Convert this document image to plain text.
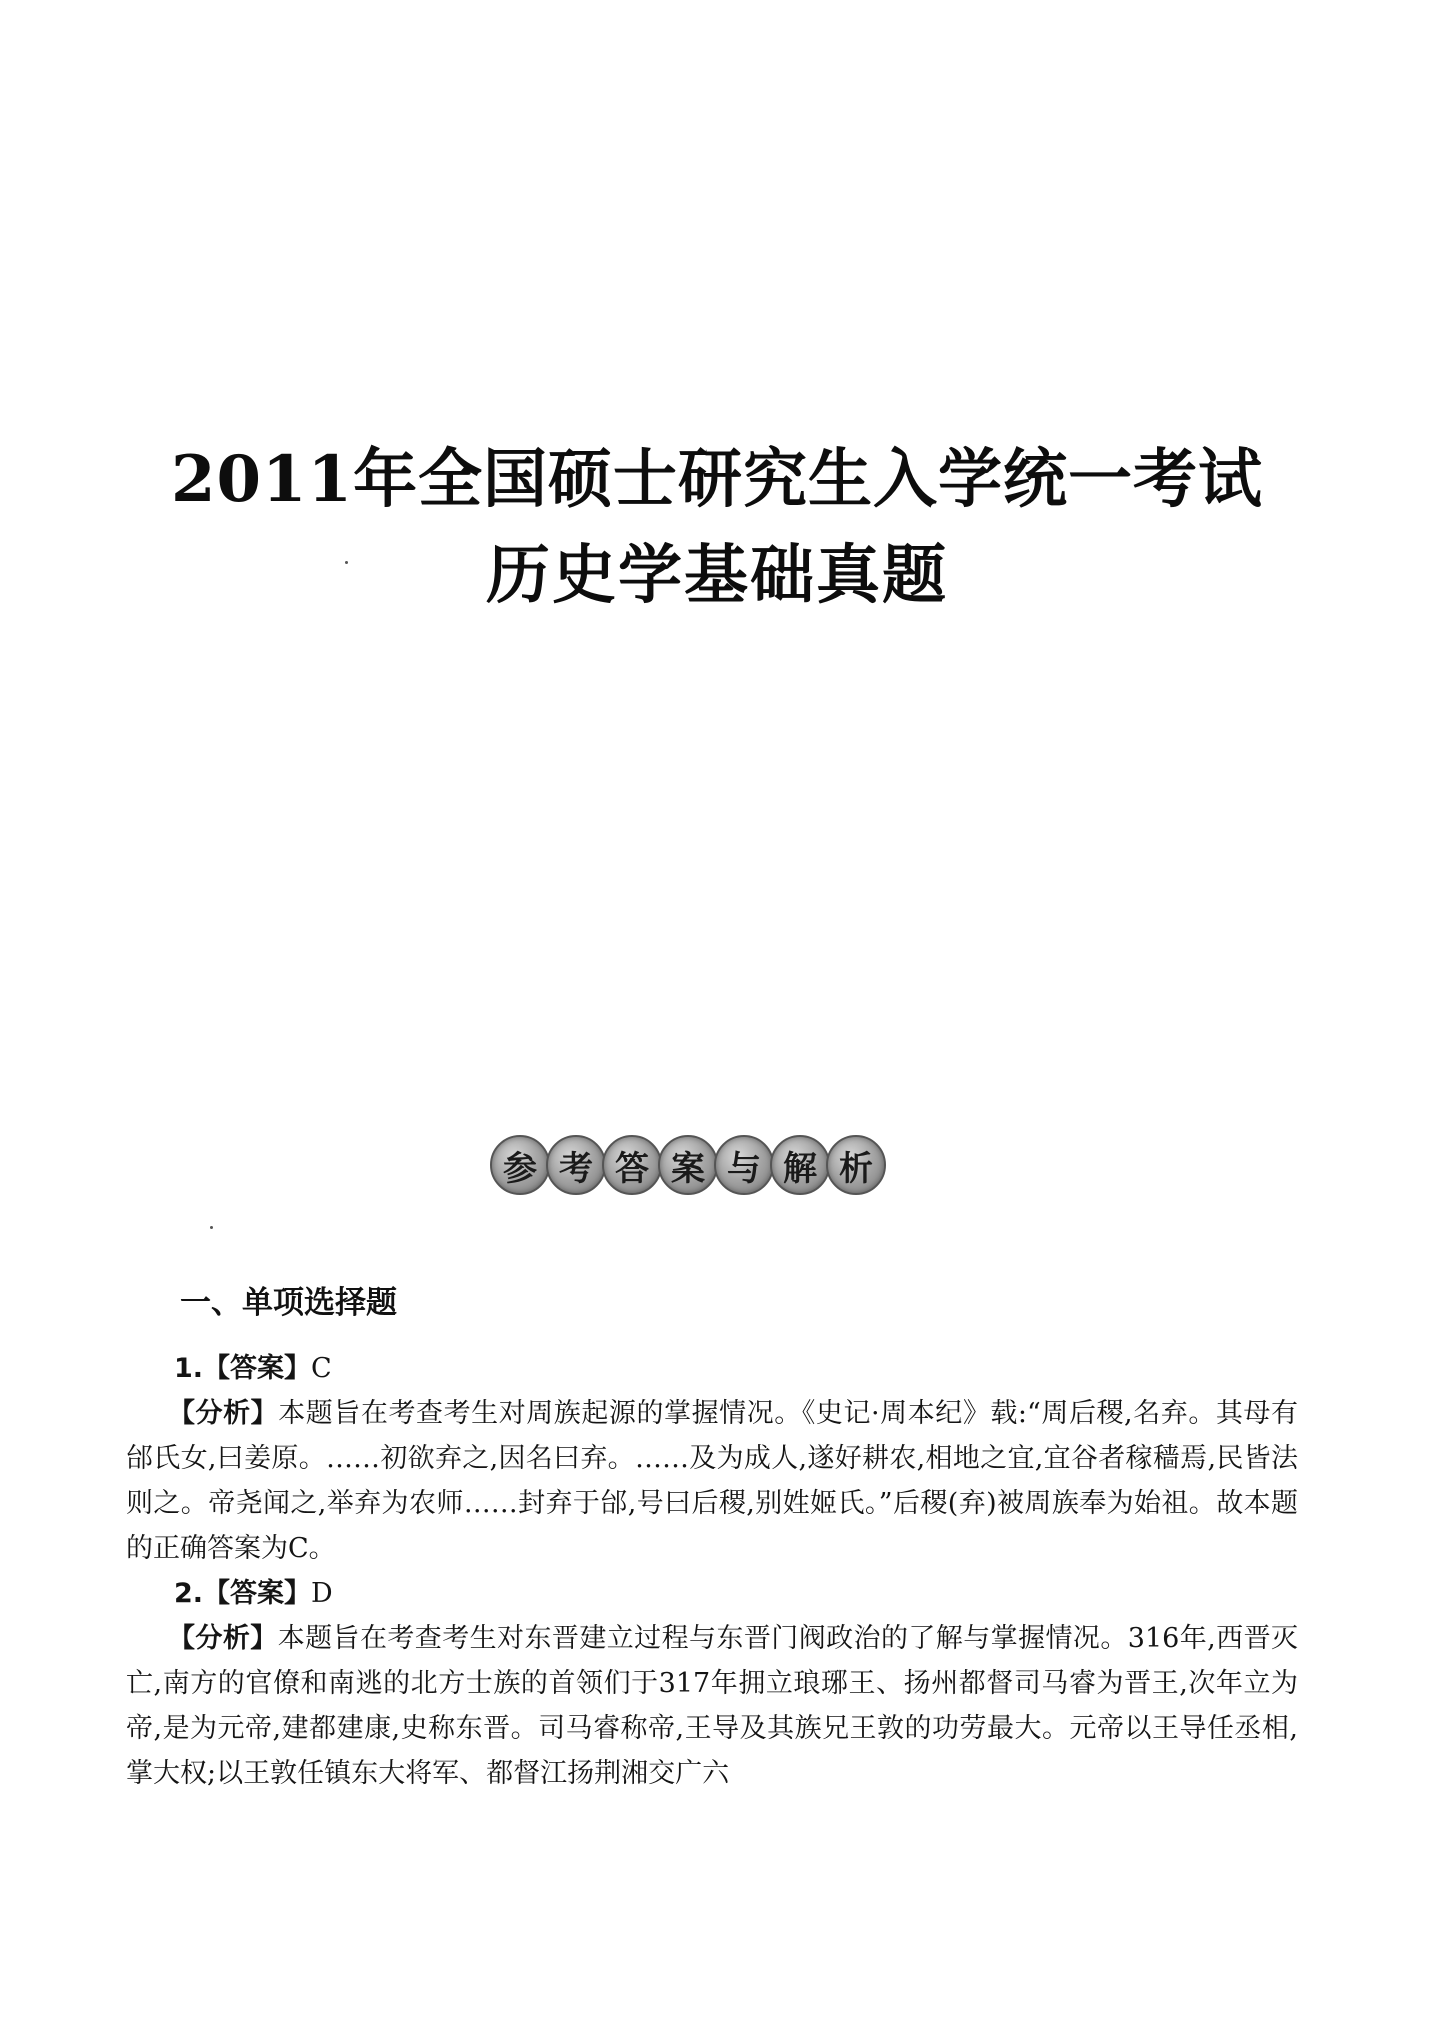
2011年全国硕士研究生入学统一考试
历史学基础真题
参 考 答 案 与 解 析
一、单项选择题
1.【答案】C

【分析】本题旨在考查考生对周族起源的掌握情况。《史记·周本纪》载:“周后稷,名弃。其母有邰氏女,曰姜原。……初欲弃之,因名曰弃。……及为成人,遂好耕农,相地之宜,宜谷者稼穑焉,民皆法则之。帝尧闻之,举弃为农师……封弃于邰,号曰后稷,别姓姬氏。”后稷(弃)被周族奉为始祖。故本题的正确答案为C。

2.【答案】D

【分析】本题旨在考查考生对东晋建立过程与东晋门阀政治的了解与掌握情况。316年,西晋灭亡,南方的官僚和南逃的北方士族的首领们于317年拥立琅琊王、扬州都督司马睿为晋王,次年立为帝,是为元帝,建都建康,史称东晋。司马睿称帝,王导及其族兄王敦的功劳最大。元帝以王导任丞相,掌大权;以王敦任镇东大将军、都督江扬荆湘交广六
